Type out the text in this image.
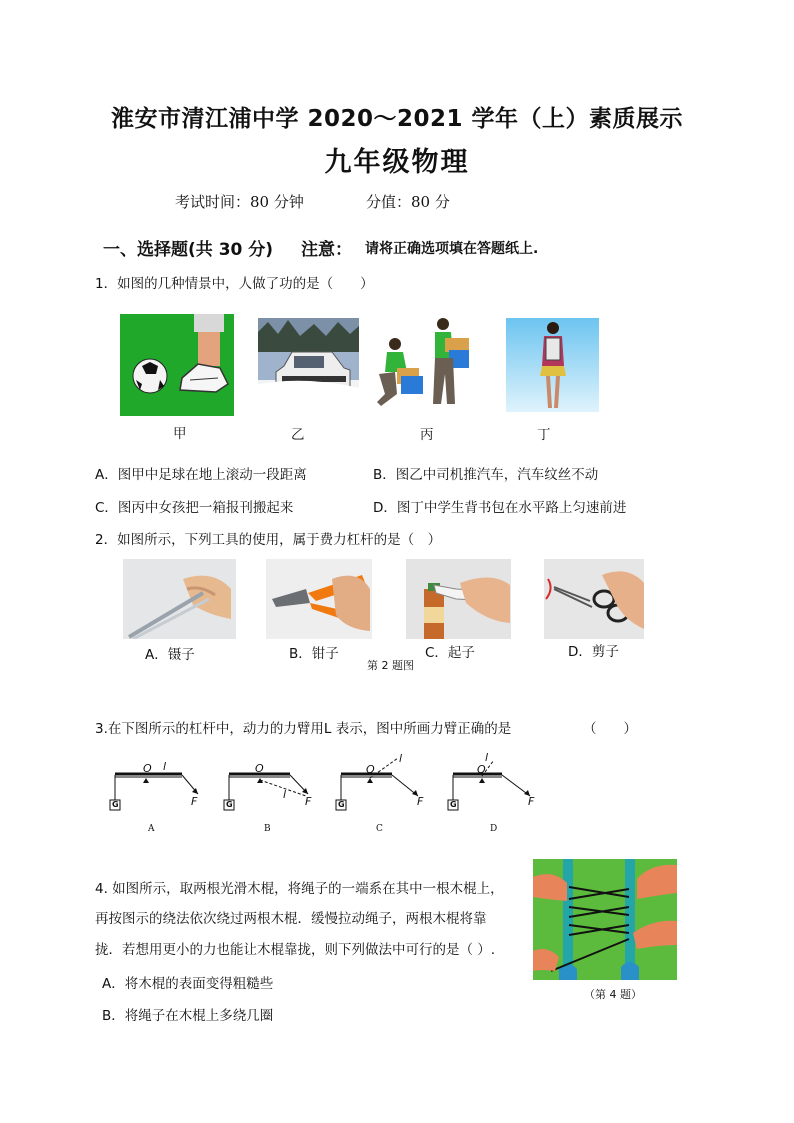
淮安市清江浦中学 2020～2021 学年（上）素质展示
九年级物理
考试时间：80 分钟	分值：80 分
一、选择题(共 30 分) 注意： 请将正确选项填在答题纸上.
1．如图的几种情景中，人做了功的是（　　）
甲	乙	丙	丁
A．图甲中足球在地上滚动一段距离	B．图乙中司机推汽车，汽车纹丝不动
C．图丙中女孩把一箱报刊搬起来	D．图丁中学生背书包在水平路上匀速前进
2．如图所示，下列工具的使用，属于费力杠杆的是（　）
A．镊子	B．钳子	C．起子	D．剪子
第 2 题图
3.在下图所示的杠杆中，动力的力臂用L 表示，图中所画力臂正确的是	（　　）
A	B	C	D
O l
F
G
O
l
F
G
O
l
F
G
O
l
F
G
4. 如图所示，取两根光滑木棍，将绳子的一端系在其中一根木棍上，
再按图示的绕法依次绕过两根木棍．缓慢拉动绳子，两根木棍将靠
拢．若想用更小的力也能让木棍靠拢，则下列做法中可行的是（ ）.
A．将木棍的表面变得粗糙些
B．将绳子在木棍上多绕几圈
（第 4 题）
